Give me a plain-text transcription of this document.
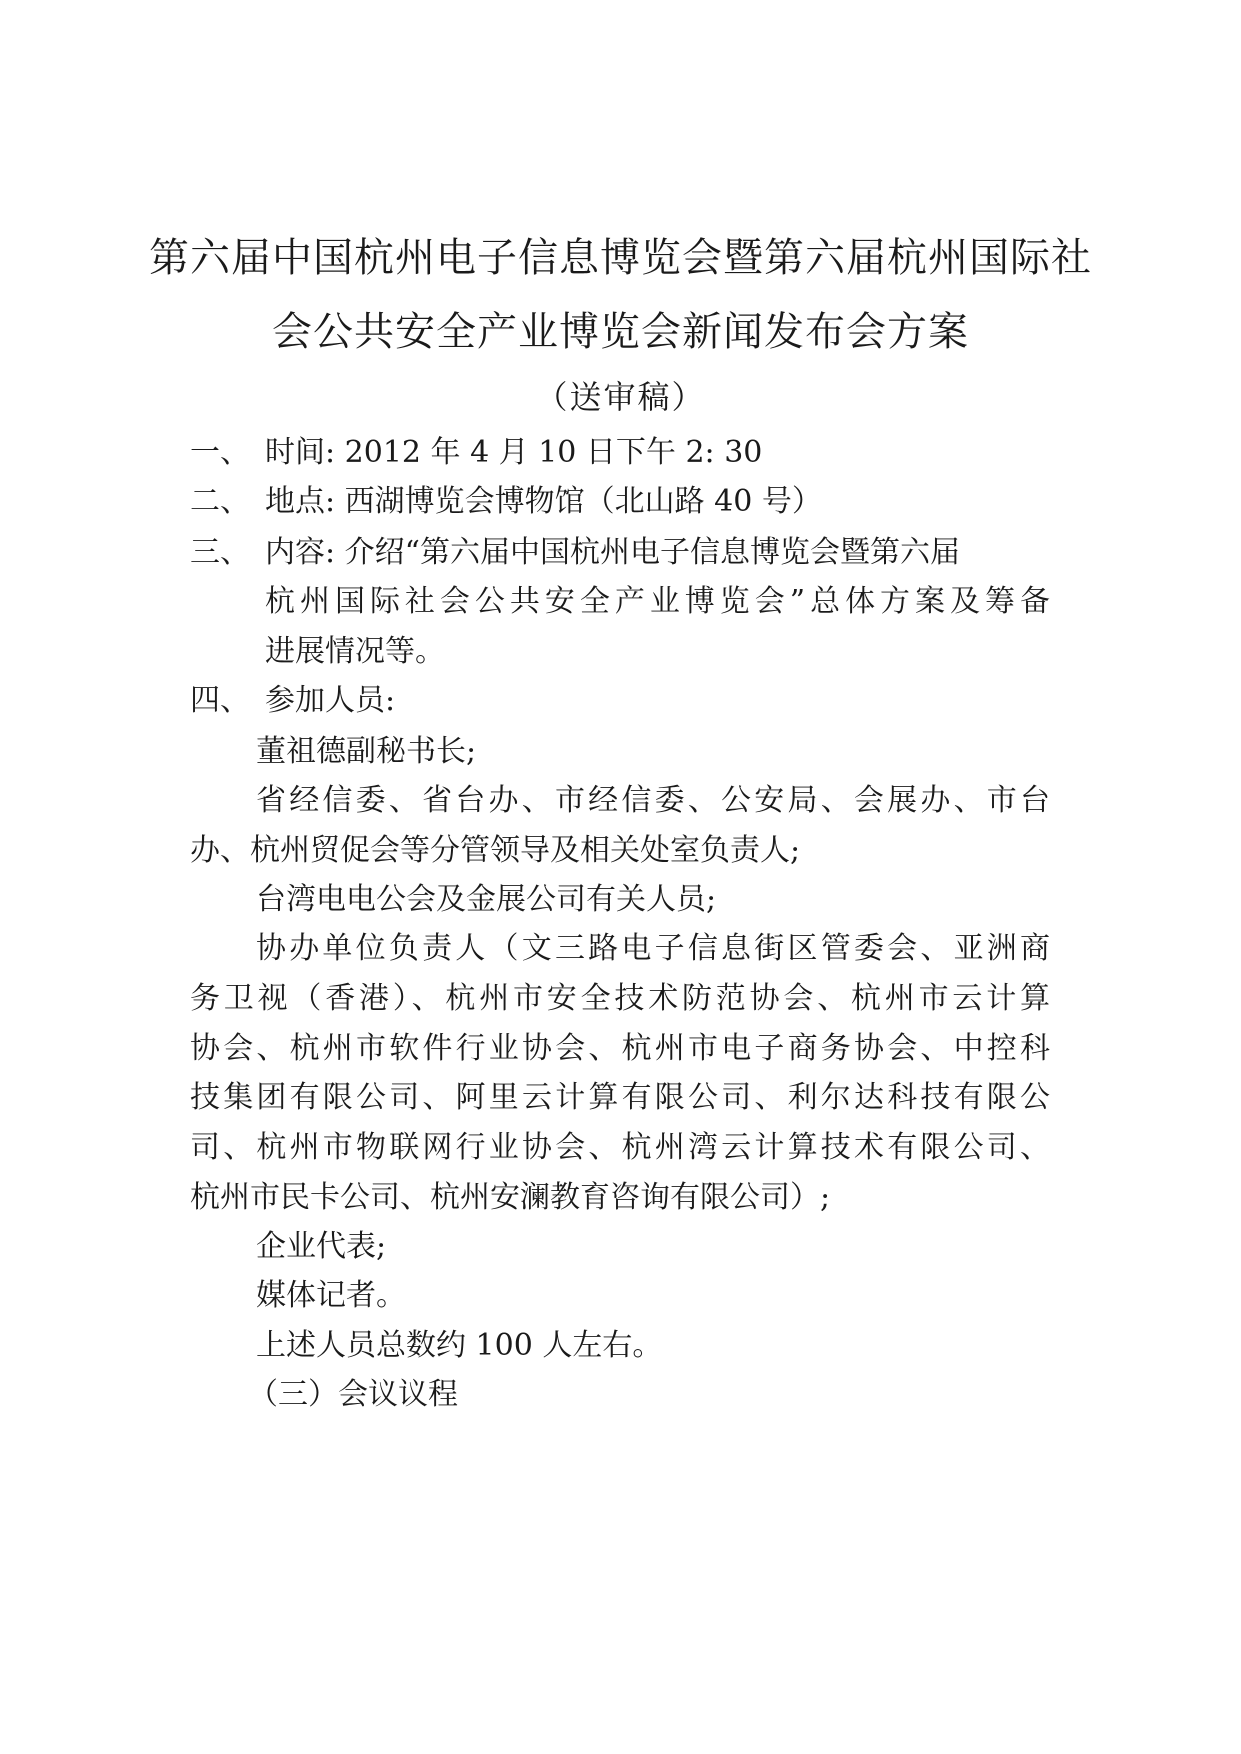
第六届中国杭州电子信息博览会暨第六届杭州国际社
会公共安全产业博览会新闻发布会方案
（送审稿）
一、 时间: 2012 年 4 月 10 日下午 2: 30
二、 地点: 西湖博览会博物馆（北山路 40 号）
三、 内容: 介绍“第六届中国杭州电子信息博览会暨第六届
杭州国际社会公共安全产业博览会”总体方案及筹备
进展情况等。
四、 参加人员:
董祖德副秘书长;
省经信委、省台办、市经信委、公安局、会展办、市台
办、杭州贸促会等分管领导及相关处室负责人;
台湾电电公会及金展公司有关人员;
协办单位负责人（文三路电子信息街区管委会、亚洲商
务卫视（香港）、杭州市安全技术防范协会、杭州市云计算
协会、杭州市软件行业协会、杭州市电子商务协会、中控科
技集团有限公司、阿里云计算有限公司、利尔达科技有限公
司、杭州市物联网行业协会、杭州湾云计算技术有限公司、
杭州市民卡公司、杭州安澜教育咨询有限公司）;
企业代表;
媒体记者。
上述人员总数约 100 人左右。
（三）会议议程
